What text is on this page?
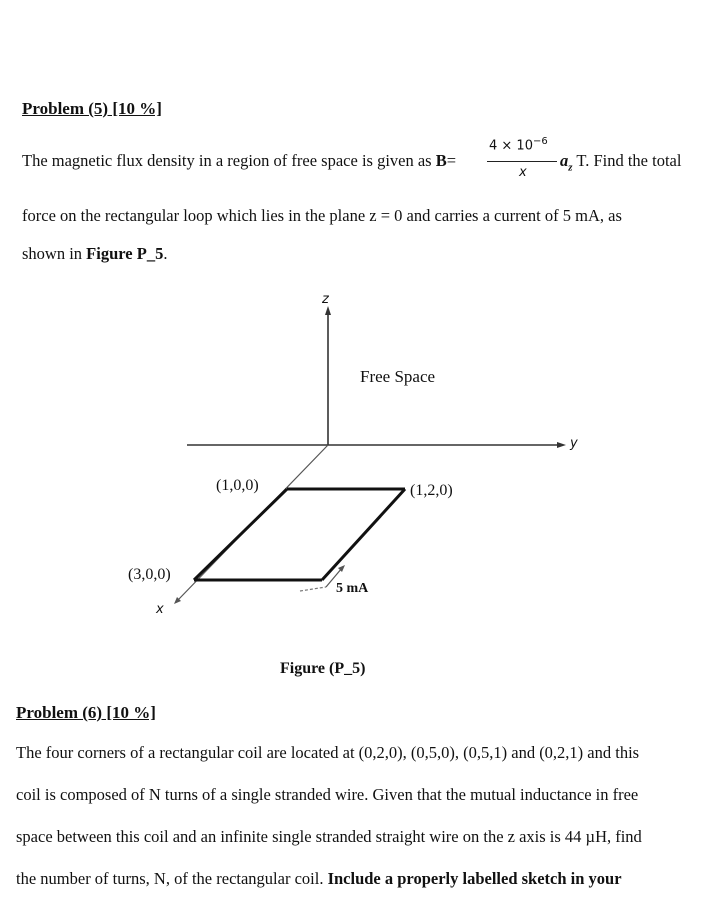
Problem (5) [10 %]
The magnetic flux density in a region of free space is given as B=
$4 \times 10^{-6}$
x
$a_z$ T. Find the total
force on the rectangular loop which lies in the plane z = 0 and carries a current of 5 mA, as
shown in Figure P_5.
z
y
x
Free Space
(1,0,0)	(1,2,0)
(3,0,0)
5 mA
Figure (P_5)
Problem (6) [10 %]
The four corners of a rectangular coil are located at (0,2,0), (0,5,0), (0,5,1) and (0,2,1) and this
coil is composed of N turns of a single stranded wire. Given that the mutual inductance in free
space between this coil and an infinite single stranded straight wire on the z axis is 44 µH, find
the number of turns, N, of the rectangular coil. Include a properly labelled sketch in your
